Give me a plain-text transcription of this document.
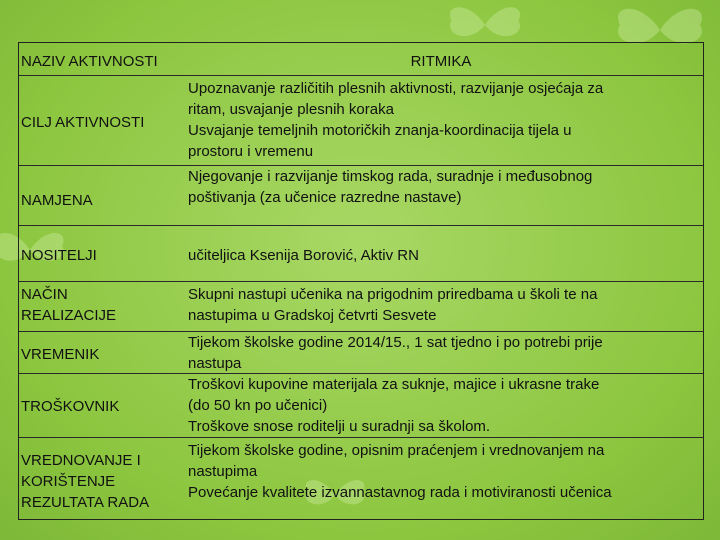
NAZIV AKTIVNOSTI	RITMIKA
CILJ AKTIVNOSTI
Upoznavanje različitih plesnih aktivnosti, razvijanje osjećaja za
ritam, usvajanje plesnih koraka
Usvajanje temeljnih motoričkih znanja-koordinacija tijela u
prostoru i vremenu
NAMJENA
Njegovanje i razvijanje timskog rada, suradnje i međusobnog
poštivanja (za učenice razredne nastave)
NOSITELJI	učiteljica Ksenija Borović, Aktiv RN
NAČIN
REALIZACIJE
Skupni nastupi učenika na prigodnim priredbama u školi te na
nastupima u Gradskoj četvrti Sesvete
VREMENIK
Tijekom školske godine 2014/15., 1 sat tjedno i po potrebi prije
nastupa
TROŠKOVNIK
Troškovi kupovine materijala za suknje, majice i ukrasne trake
(do 50 kn po učenici)
Troškove snose roditelji u suradnji sa školom.
VREDNOVANJE I
KORIŠTENJE
REZULTATA RADA
Tijekom školske godine, opisnim praćenjem i vrednovanjem na
nastupima
Povećanje kvalitete izvannastavnog rada i motiviranosti učenica
